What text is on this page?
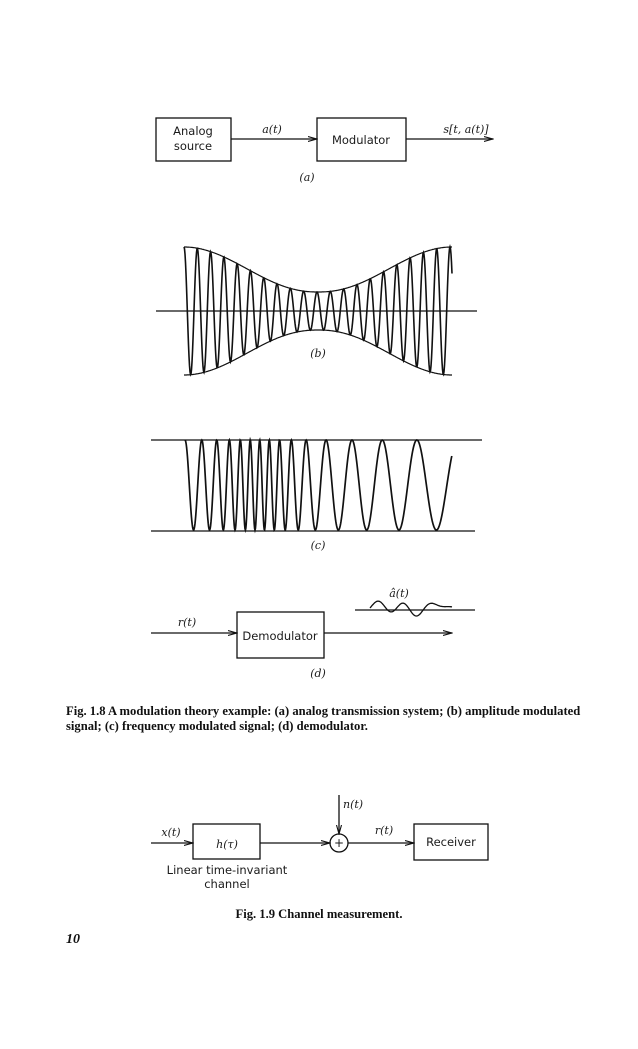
Analog
source
a(t)
Modulator
s[t, a(t)]
(a)
(b)
(c)
r(t)
Demodulator
â(t)
(d)
x(t)
h(τ)
Linear time-invariant
channel
n(t)
+
r(t)
Receiver
Fig. 1.8 A modulation theory example: (a) analog transmission system; (b) amplitude modulated signal; (c) frequency modulated signal; (d) demodulator.
Fig. 1.9 Channel measurement.
10
